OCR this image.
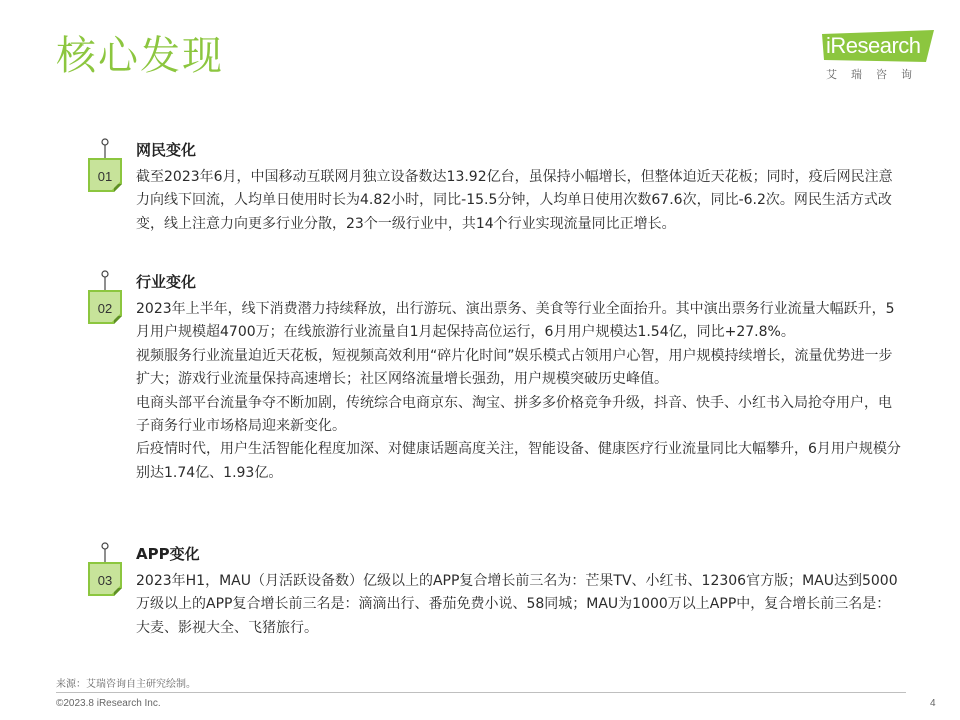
核心发现	iResearch
艾瑞咨询
01
网民变化

截至2023年6月，中国移动互联网月独立设备数达13.92亿台，虽保持小幅增长，但整体迫近天花板；同时，疫后网民注意力向线下回流，人均单日使用时长为4.82小时，同比-15.5分钟，人均单日使用次数67.6次，同比-6.2次。网民生活方式改变，线上注意力向更多行业分散，23个一级行业中，共14个行业实现流量同比正增长。

02
行业变化

2023年上半年，线下消费潜力持续释放，出行游玩、演出票务、美食等行业全面抬升。其中演出票务行业流量大幅跃升，5月用户规模超4700万；在线旅游行业流量自1月起保持高位运行，6月用户规模达1.54亿，同比+27.8%。

视频服务行业流量迫近天花板，短视频高效利用“碎片化时间”娱乐模式占领用户心智，用户规模持续增长，流量优势进一步扩大；游戏行业流量保持高速增长；社区网络流量增长强劲，用户规模突破历史峰值。

电商头部平台流量争夺不断加剧，传统综合电商京东、淘宝、拼多多价格竞争升级，抖音、快手、小红书入局抢夺用户，电子商务行业市场格局迎来新变化。

后疫情时代，用户生活智能化程度加深、对健康话题高度关注，智能设备、健康医疗行业流量同比大幅攀升，6月用户规模分别达1.74亿、1.93亿。

03
APP变化

2023年H1，MAU（月活跃设备数）亿级以上的APP复合增长前三名为：芒果TV、小红书、12306官方版；MAU达到5000万级以上的APP复合增长前三名是：滴滴出行、番茄免费小说、58同城；MAU为1000万以上APP中，复合增长前三名是：大麦、影视大全、飞猪旅行。

来源：艾瑞咨询自主研究绘制。
©2023.8 iResearch Inc.	4
